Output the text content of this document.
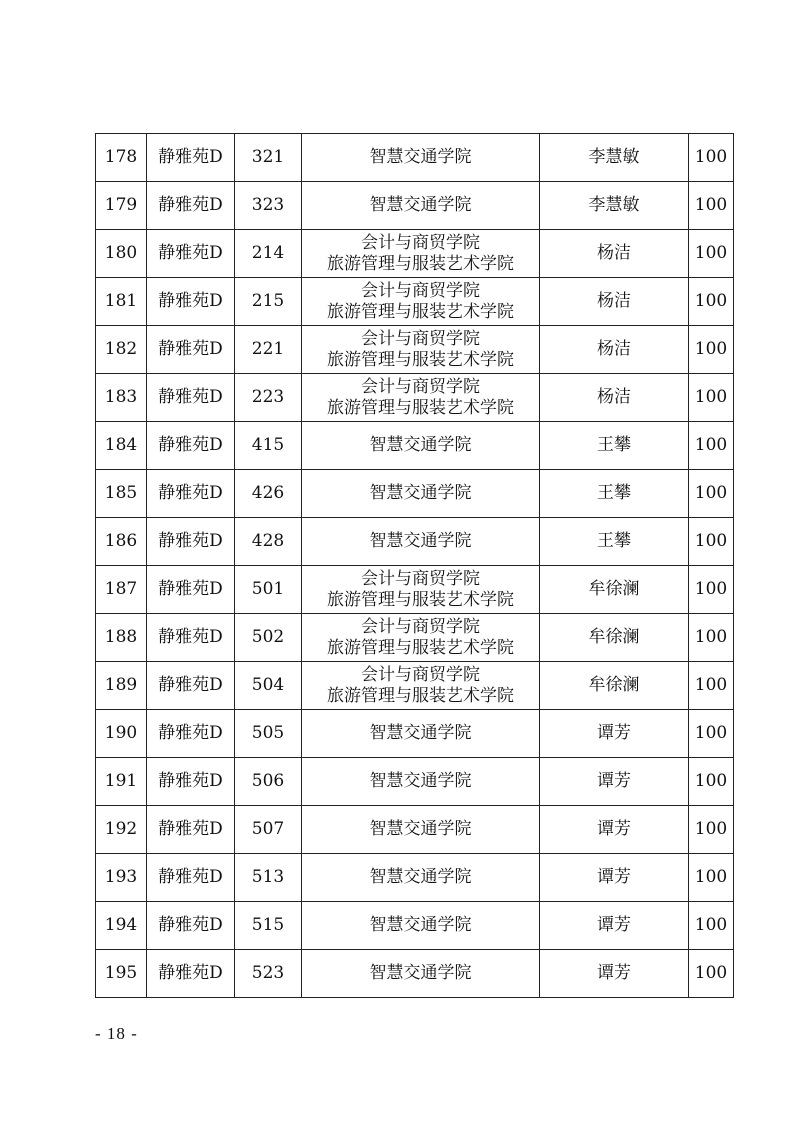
178	静雅苑D	321	智慧交通学院	李慧敏	100
179	静雅苑D	323	智慧交通学院	李慧敏	100
180	静雅苑D	214	会计与商贸学院
旅游管理与服装艺术学院	杨洁	100
181	静雅苑D	215	会计与商贸学院
旅游管理与服装艺术学院	杨洁	100
182	静雅苑D	221	会计与商贸学院
旅游管理与服装艺术学院	杨洁	100
183	静雅苑D	223	会计与商贸学院
旅游管理与服装艺术学院	杨洁	100
184	静雅苑D	415	智慧交通学院	王攀	100
185	静雅苑D	426	智慧交通学院	王攀	100
186	静雅苑D	428	智慧交通学院	王攀	100
187	静雅苑D	501	会计与商贸学院
旅游管理与服装艺术学院	牟徐澜	100
188	静雅苑D	502	会计与商贸学院
旅游管理与服装艺术学院	牟徐澜	100
189	静雅苑D	504	会计与商贸学院
旅游管理与服装艺术学院	牟徐澜	100
190	静雅苑D	505	智慧交通学院	谭芳	100
191	静雅苑D	506	智慧交通学院	谭芳	100
192	静雅苑D	507	智慧交通学院	谭芳	100
193	静雅苑D	513	智慧交通学院	谭芳	100
194	静雅苑D	515	智慧交通学院	谭芳	100
195	静雅苑D	523	智慧交通学院	谭芳	100
- 18 -
